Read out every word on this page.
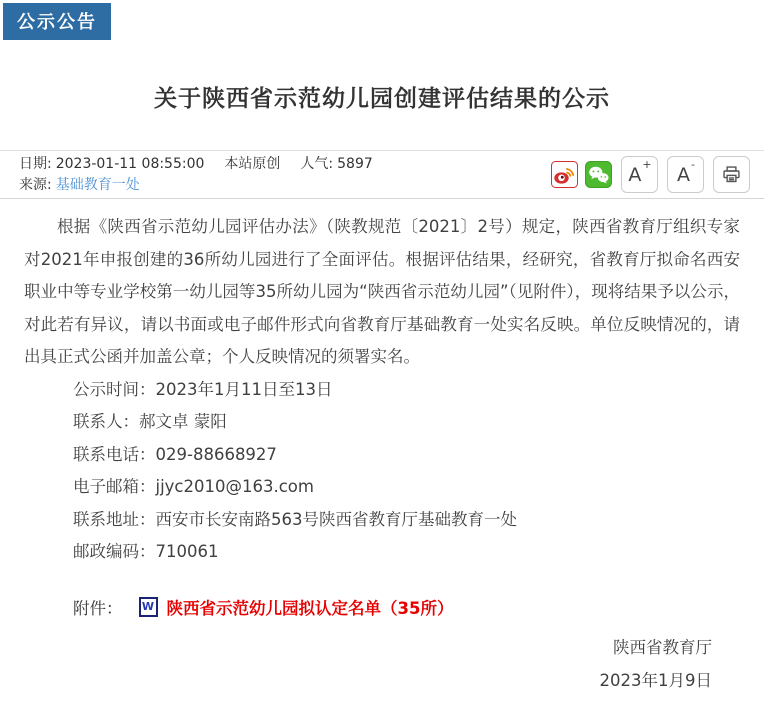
公示公告
关于陕西省示范幼儿园创建评估结果的公示
日期: 2023-01-11 08:55:00 本站原创 人气: 5897
来源: 基础教育一处	A+ A-

根据《陕西省示范幼儿园评估办法》（陕教规范〔2021〕2号）规定，陕西省教育厅组织专家对2021年申报创建的36所幼儿园进行了全面评估。根据评估结果，经研究，省教育厅拟命名西安职业中等专业学校第一幼儿园等35所幼儿园为“陕西省示范幼儿园”（见附件），现将结果予以公示，对此若有异议，请以书面或电子邮件形式向省教育厅基础教育一处实名反映。单位反映情况的，请出具正式公函并加盖公章；个人反映情况的须署实名。

公示时间：2023年1月11日至13日
联系人：郝文卓 蒙阳
联系电话：029-88668927
电子邮箱：jjyc2010@163.com
联系地址：西安市长安南路563号陕西省教育厅基础教育一处
邮政编码：710061
附件：	W 陕西省示范幼儿园拟认定名单（35所）
陕西省教育厅
2023年1月9日
